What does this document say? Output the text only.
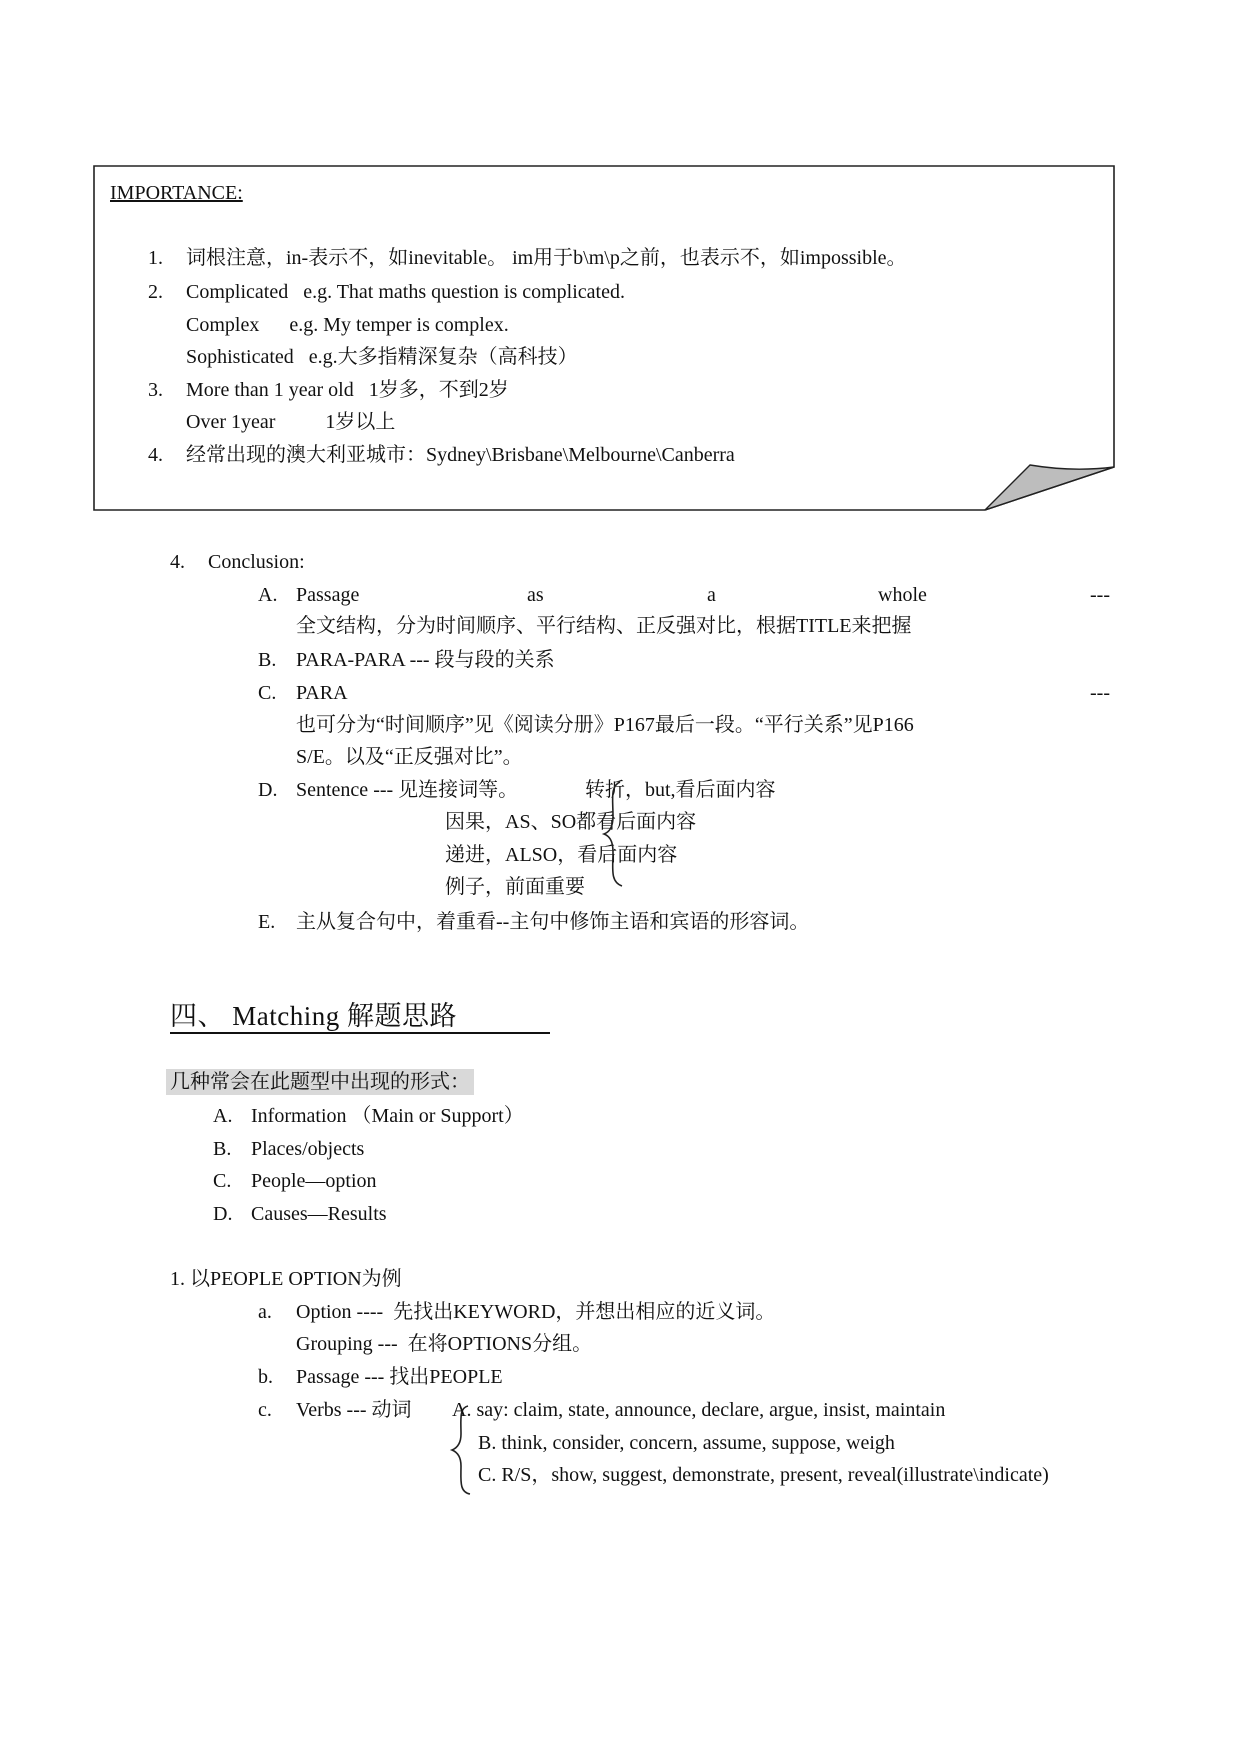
IMPORTANCE:
1. 词根注意，in-表示不，如inevitable。 im用于b\m\p之前，也表示不，如impossible。
2. Complicated   e.g. That maths question is complicated.
Complex      e.g. My temper is complex.
Sophisticated   e.g.大多指精深复杂（高科技）
3. More than 1 year old   1岁多，不到2岁
Over 1year          1岁以上
4. 经常出现的澳大利亚城市：Sydney\Brisbane\Melbourne\Canberra
4. Conclusion:
A. Passage	as	a	whole	---
全文结构，分为时间顺序、平行结构、正反强对比，根据TITLE来把握
B. PARA-PARA --- 段与段的关系
C. PARA	---
也可分为“时间顺序”见《阅读分册》P167最后一段。“平行关系”见P166
S/E。以及“正反强对比”。
D. Sentence --- 见连接词等。	转折，but,看后面内容
因果，AS、SO都看后面内容
递进，ALSO，看后面内容
例子，前面重要
E. 主从复合句中，着重看--主句中修饰主语和宾语的形容词。
四、 Matching 解题思路
几种常会在此题型中出现的形式：
A. Information （Main or Support）
B. Places/objects
C. People—option
D. Causes—Results
1. 以PEOPLE OPTION为例
a. Option ----  先找出KEYWORD，并想出相应的近义词。
Grouping ---  在将OPTIONS分组。
b. Passage --- 找出PEOPLE
c. Verbs --- 动词 A. say: claim, state, announce, declare, argue, insist, maintain
B. think, consider, concern, assume, suppose, weigh
C. R/S，show, suggest, demonstrate, present, reveal(illustrate\indicate)
